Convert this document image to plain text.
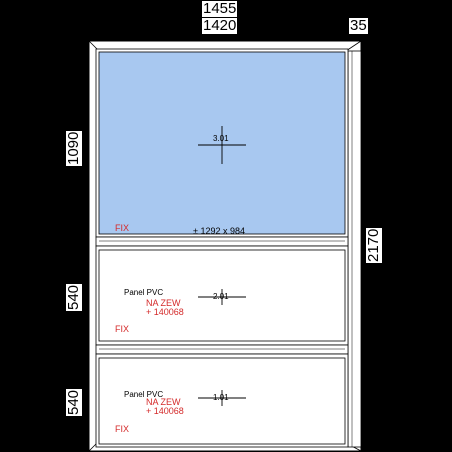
1455
1420	35
3.01
FIX	± 1292 x 984
Panel PVC
NA ZEW
+ 140068
2.01
FIX
Panel PVC
NA ZEW
+ 140068
1.01
FIX
1090
540
540
2170
